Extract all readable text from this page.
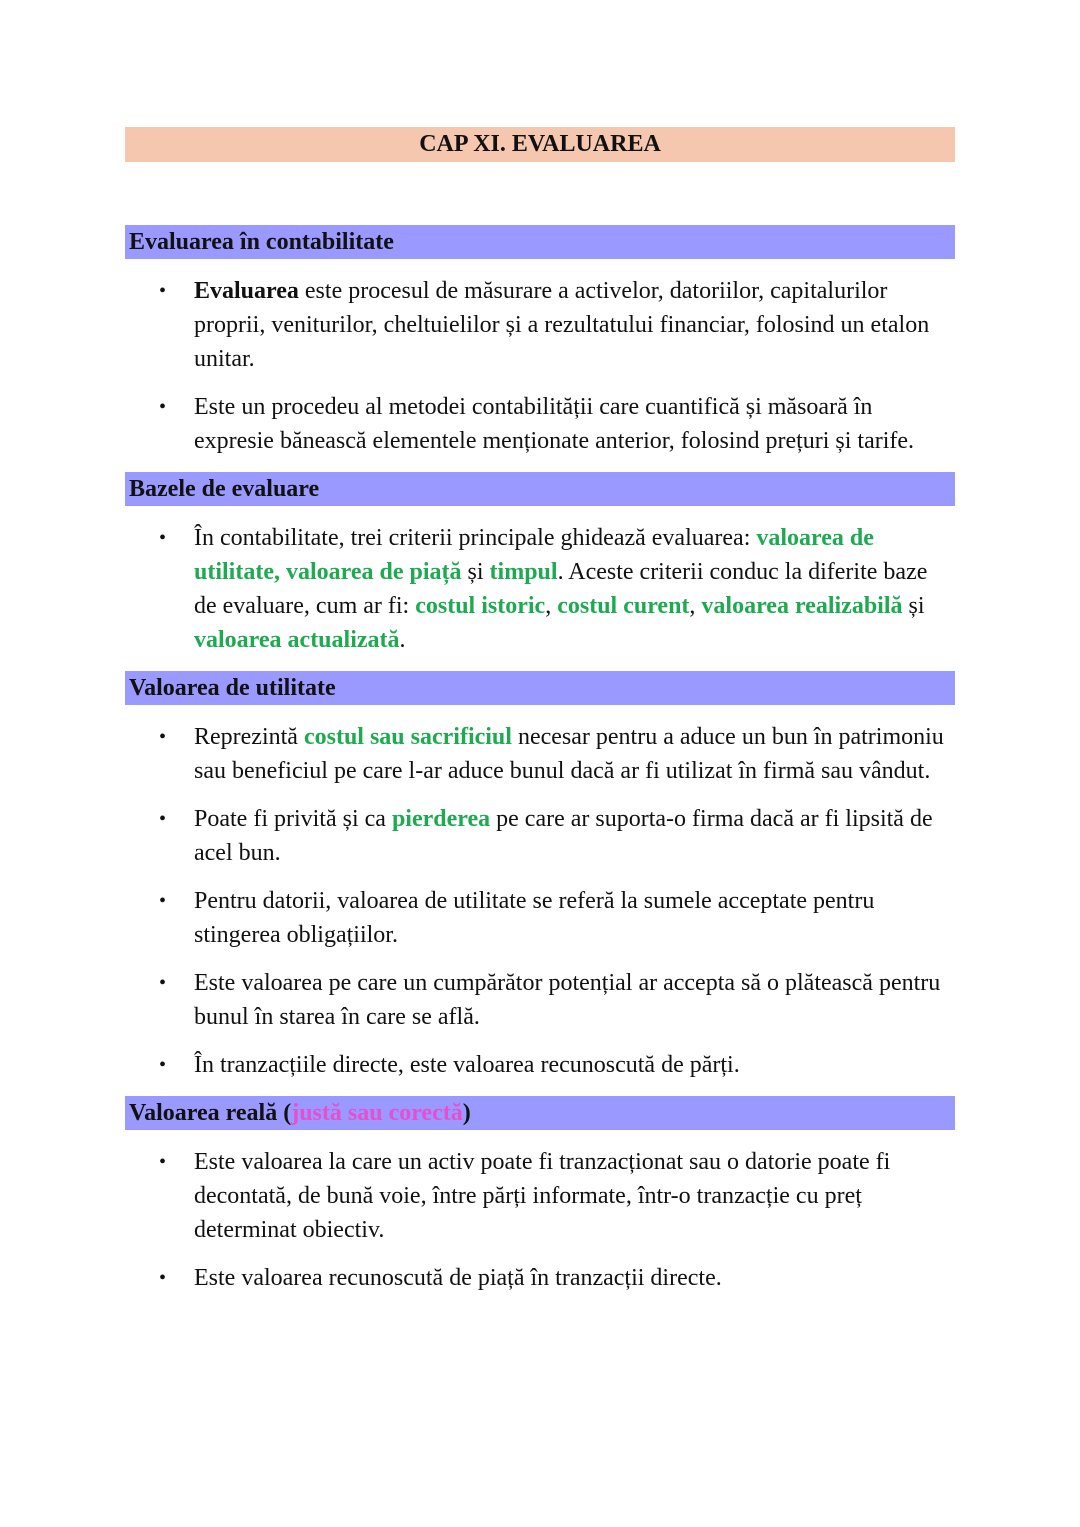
CAP XI. EVALUAREA
Evaluarea în contabilitate
• Evaluarea este procesul de măsurare a activelor, datoriilor, capitalurilor proprii, veniturilor, cheltuielilor și a rezultatului financiar, folosind un etalon unitar.
• Este un procedeu al metodei contabilității care cuantifică și măsoară în expresie bănească elementele menționate anterior, folosind prețuri și tarife.
Bazele de evaluare
• În contabilitate, trei criterii principale ghidează evaluarea: valoarea de utilitate, valoarea de piață și timpul. Aceste criterii conduc la diferite baze de evaluare, cum ar fi: costul istoric, costul curent, valoarea realizabilă și valoarea actualizată.
Valoarea de utilitate
• Reprezintă costul sau sacrificiul necesar pentru a aduce un bun în patrimoniu sau beneficiul pe care l-ar aduce bunul dacă ar fi utilizat în firmă sau vândut.
• Poate fi privită și ca pierderea pe care ar suporta-o firma dacă ar fi lipsită de acel bun.
• Pentru datorii, valoarea de utilitate se referă la sumele acceptate pentru stingerea obligațiilor.
• Este valoarea pe care un cumpărător potențial ar accepta să o plătească pentru bunul în starea în care se află.
• În tranzacțiile directe, este valoarea recunoscută de părți.
Valoarea reală (justă sau corectă)
• Este valoarea la care un activ poate fi tranzacționat sau o datorie poate fi decontată, de bună voie, între părți informate, într-o tranzacție cu preț determinat obiectiv.
• Este valoarea recunoscută de piață în tranzacții directe.
